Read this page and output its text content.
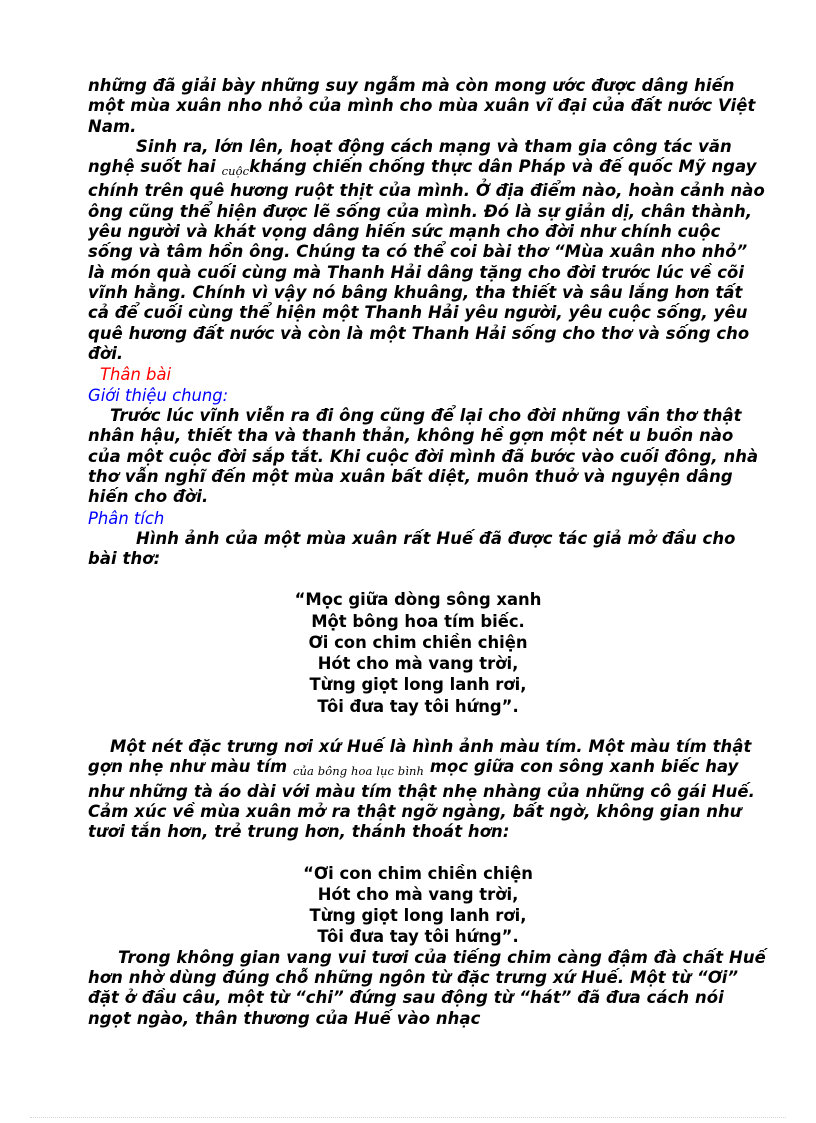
những đã giải bày những suy ngẫm mà còn mong ước được dâng hiến một mùa xuân nho nhỏ của mình cho mùa xuân vĩ đại của đất nước Việt Nam.

Sinh ra, lớn lên, hoạt động cách mạng và tham gia công tác văn nghệ suốt hai cuộckháng chiến chống thực dân Pháp và đế quốc Mỹ ngay chính trên quê hương ruột thịt của mình. Ở địa điểm nào, hoàn cảnh nào ông cũng thể hiện được lẽ sống của mình. Đó là sự giản dị, chân thành, yêu người và khát vọng dâng hiến sức mạnh cho đời như chính cuộc sống và tâm hồn ông. Chúng ta có thể coi bài thơ “Mùa xuân nho nhỏ” là món quà cuối cùng mà Thanh Hải dâng tặng cho đời trước lúc về cõi vĩnh hằng. Chính vì vậy nó bâng khuâng, tha thiết và sâu lắng hơn tất cả để cuối cùng thể hiện một Thanh Hải yêu người, yêu cuộc sống, yêu quê hương đất nước và còn là một Thanh Hải sống cho thơ và sống cho đời.

Thân bài

Giới thiệu chung:

Trước lúc vĩnh viễn ra đi ông cũng để lại cho đời những vần thơ thật nhân hậu, thiết tha và thanh thản, không hề gợn một nét u buồn nào của một cuộc đời sắp tắt. Khi cuộc đời mình đã bước vào cuối đông, nhà thơ vẫn nghĩ đến một mùa xuân bất diệt, muôn thuở và nguyện dâng hiến cho đời.

Phân tích

Hình ảnh của một mùa xuân rất Huế đã được tác giả mở đầu cho bài thơ:

“Mọc giữa dòng sông xanh
Một bông hoa tím biếc.
Ơi con chim chiền chiện
Hót cho mà vang trời,
Từng giọt long lanh rơi,
Tôi đưa tay tôi hứng”.

Một nét đặc trưng nơi xứ Huế là hình ảnh màu tím. Một màu tím thật gợn nhẹ như màu tím của bông hoa lục bình mọc giữa con sông xanh biếc hay như những tà áo dài với màu tím thật nhẹ nhàng của những cô gái Huế. Cảm xúc về mùa xuân mở ra thật ngỡ ngàng, bất ngờ, không gian như tươi tắn hơn, trẻ trung hơn, thánh thoát hơn:

“Ơi con chim chiền chiện
Hót cho mà vang trời,
Từng giọt long lanh rơi,
Tôi đưa tay tôi hứng”.

Trong không gian vang vui tươi của tiếng chim càng đậm đà chất Huế hơn nhờ dùng đúng chỗ những ngôn từ đặc trưng xứ Huế. Một từ “Ơi” đặt ở đầu câu, một từ “chi” đứng sau động từ “hát” đã đưa cách nói ngọt ngào, thân thương của Huế vào nhạc
